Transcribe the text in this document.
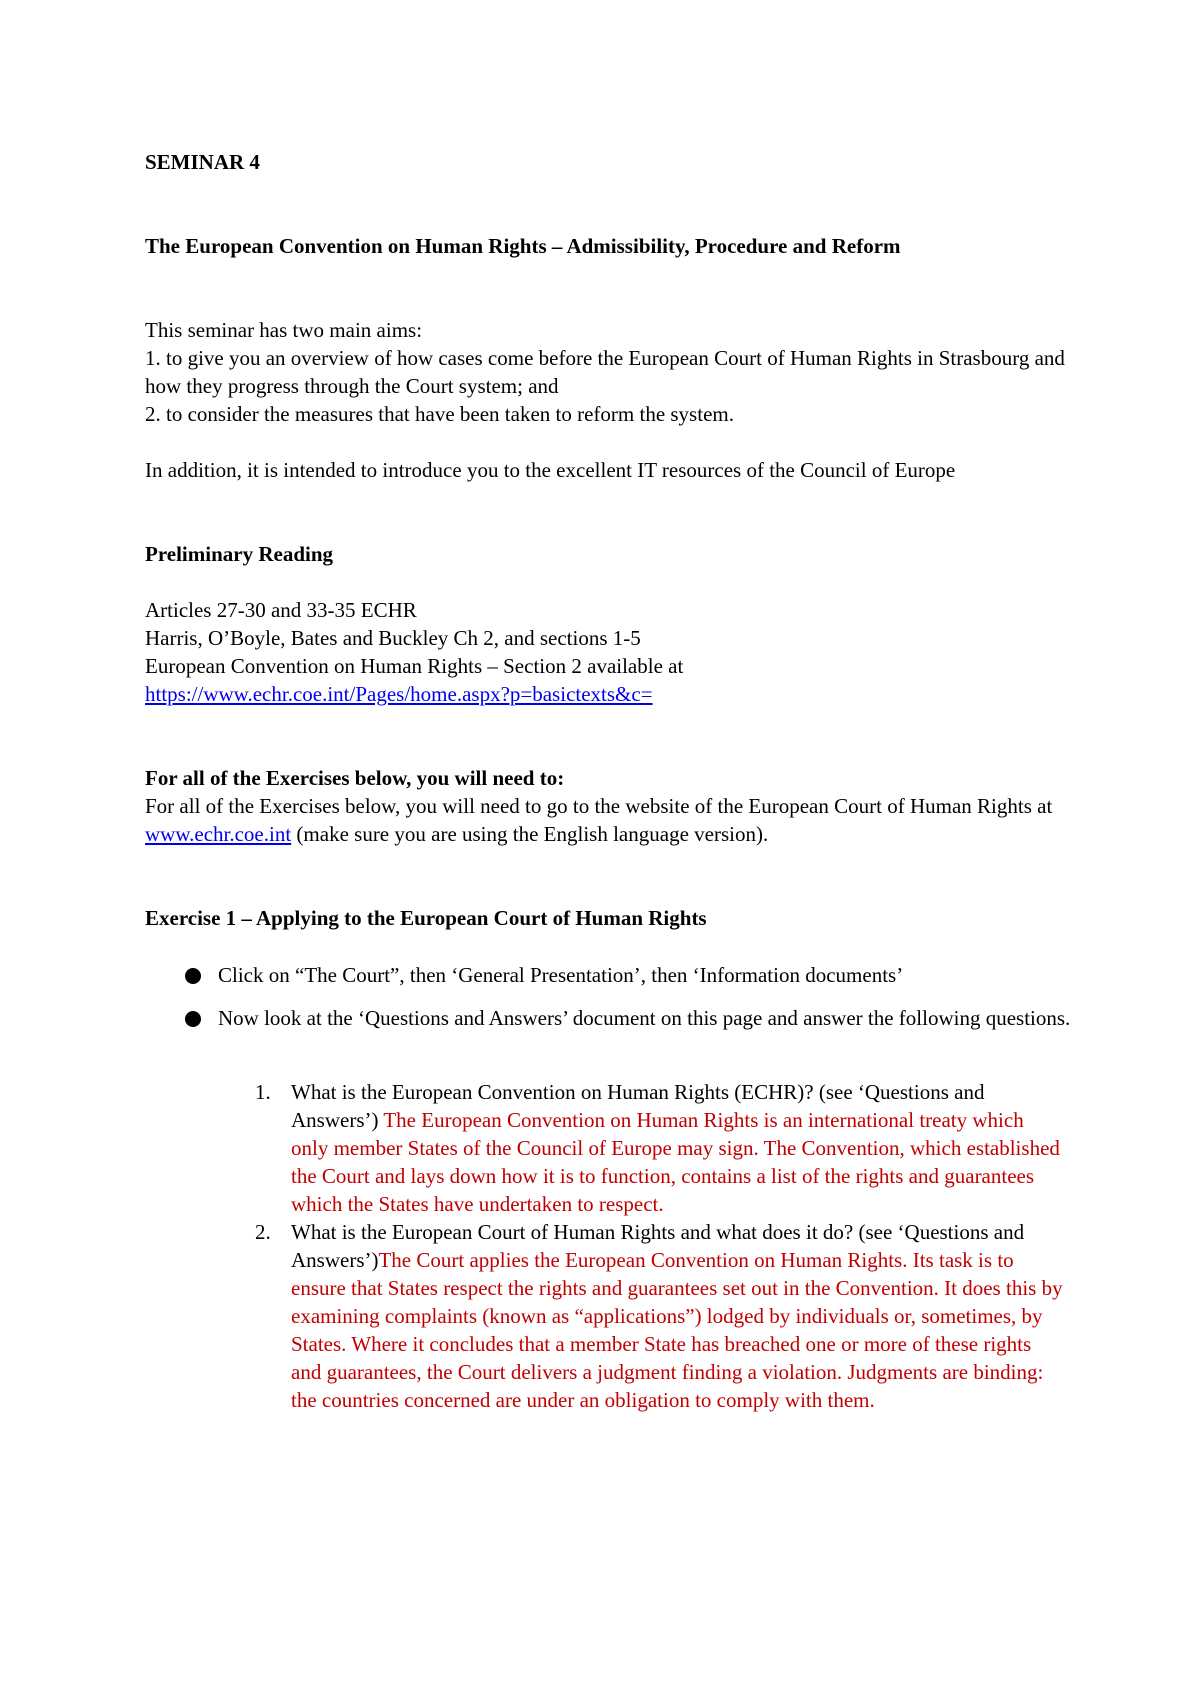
SEMINAR 4

The European Convention on Human Rights – Admissibility, Procedure and Reform

This seminar has two main aims:

1. to give you an overview of how cases come before the European Court of Human Rights in Strasbourg and how they progress through the Court system; and

2. to consider the measures that have been taken to reform the system.

In addition, it is intended to introduce you to the excellent IT resources of the Council of Europe

Preliminary Reading

Articles 27-30 and 33-35 ECHR

Harris, O’Boyle, Bates and Buckley Ch 2, and sections 1-5

European Convention on Human Rights – Section 2 available at

https://www.echr.coe.int/Pages/home.aspx?p=basictexts&c=

For all of the Exercises below, you will need to:

For all of the Exercises below, you will need to go to the website of the European Court of Human Rights at www.echr.coe.int (make sure you are using the English language version).

Exercise 1 – Applying to the European Court of Human Rights

Click on “The Court”, then ‘General Presentation’, then ‘Information documents’
Now look at the ‘Questions and Answers’ document on this page and answer the following questions.
1. What is the European Convention on Human Rights (ECHR)? (see ‘Questions and Answers’) The European Convention on Human Rights is an international treaty which only member States of the Council of Europe may sign. The Convention, which established the Court and lays down how it is to function, contains a list of the rights and guarantees which the States have undertaken to respect.
2. What is the European Court of Human Rights and what does it do? (see ‘Questions and Answers’)The Court applies the European Convention on Human Rights. Its task is to ensure that States respect the rights and guarantees set out in the Convention. It does this by examining complaints (known as “applications”) lodged by individuals or, sometimes, by States. Where it concludes that a member State has breached one or more of these rights and guarantees, the Court delivers a judgment finding a violation. Judgments are binding: the countries concerned are under an obligation to comply with them.
